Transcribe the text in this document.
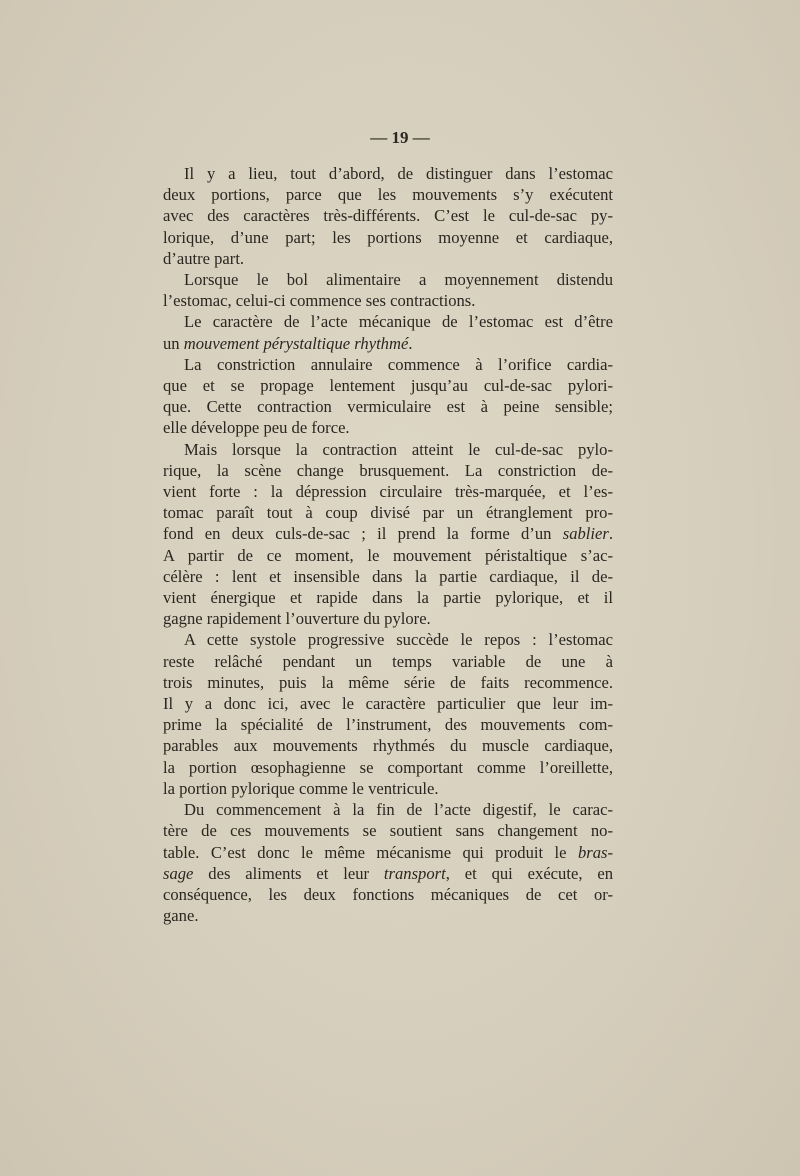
— 19 —

Il y a lieu, tout d’abord, de distinguer dans l’estomac
deux portions, parce que les mouvements s’y exécutent
avec des caractères très-différents. C’est le cul-de-sac py-
lorique, d’une part; les portions moyenne et cardiaque,
d’autre part.

Lorsque le bol alimentaire a moyennement distendu
l’estomac, celui-ci commence ses contractions.

Le caractère de l’acte mécanique de l’estomac est d’être
un mouvement pérystaltique rhythmé.

La constriction annulaire commence à l’orifice cardia-
que et se propage lentement jusqu’au cul-de-sac pylori-
que. Cette contraction vermiculaire est à peine sensible;
elle développe peu de force.

Mais lorsque la contraction atteint le cul-de-sac pylo-
rique, la scène change brusquement. La constriction de-
vient forte : la dépression circulaire très-marquée, et l’es-
tomac paraît tout à coup divisé par un étranglement pro-
fond en deux culs-de-sac ; il prend la forme d’un sablier.
A partir de ce moment, le mouvement péristaltique s’ac-
célère : lent et insensible dans la partie cardiaque, il de-
vient énergique et rapide dans la partie pylorique, et il
gagne rapidement l’ouverture du pylore.

A cette systole progressive succède le repos : l’estomac
reste relâché pendant un temps variable de une à
trois minutes, puis la même série de faits recommence.
Il y a donc ici, avec le caractère particulier que leur im-
prime la spécialité de l’instrument, des mouvements com-
parables aux mouvements rhythmés du muscle cardiaque,
la portion œsophagienne se comportant comme l’oreillette,
la portion pylorique comme le ventricule.

Du commencement à la fin de l’acte digestif, le carac-
tère de ces mouvements se soutient sans changement no-
table. C’est donc le même mécanisme qui produit le bras-
sage des aliments et leur transport, et qui exécute, en
conséquence, les deux fonctions mécaniques de cet or-
gane.
